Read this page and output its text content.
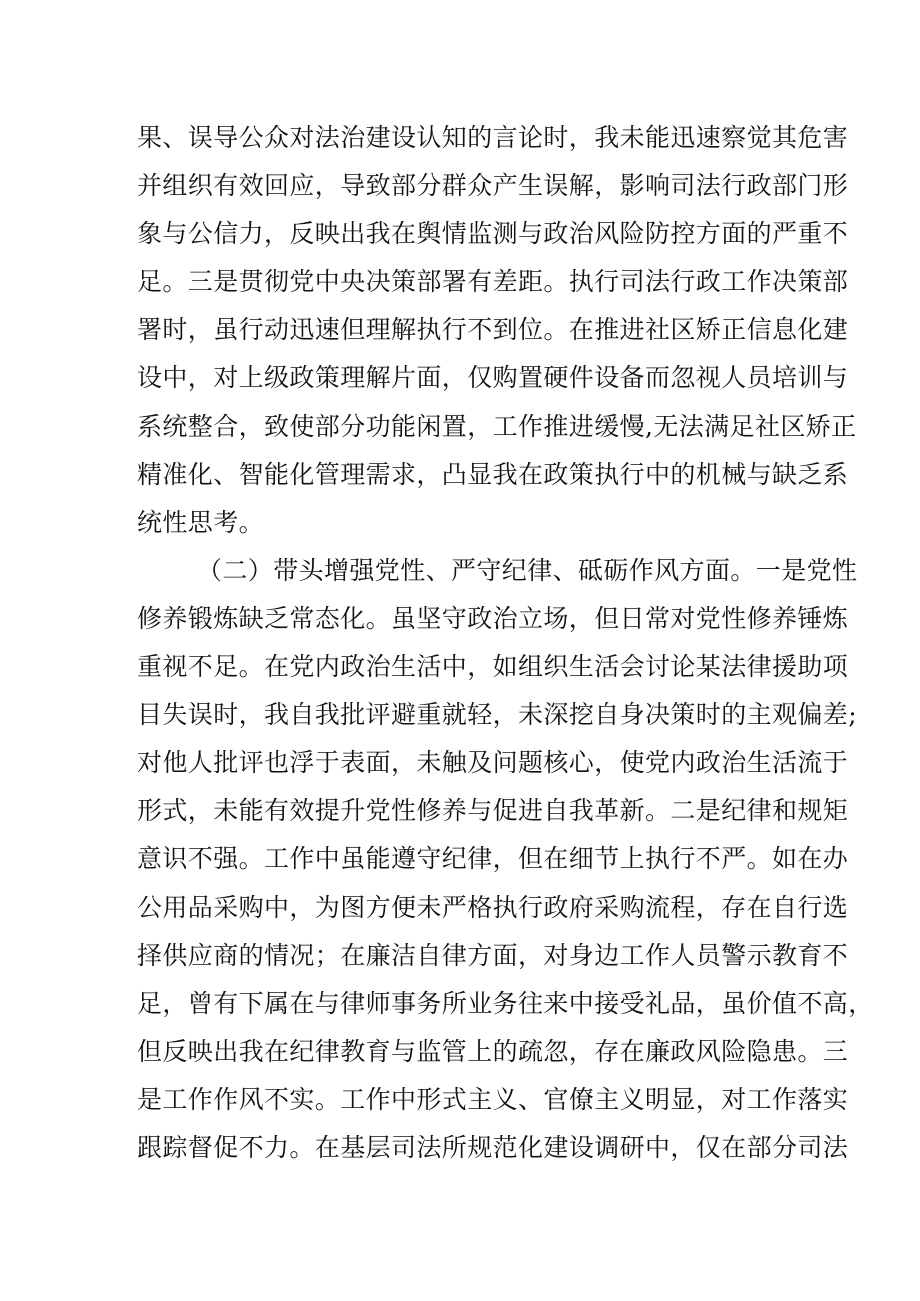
果、误导公众对法治建设认知的言论时，我未能迅速察觉其危害
并组织有效回应，导致部分群众产生误解，影响司法行政部门形
象与公信力，反映出我在舆情监测与政治风险防控方面的严重不
足。三是贯彻党中央决策部署有差距。执行司法行政工作决策部
署时，虽行动迅速但理解执行不到位。在推进社区矫正信息化建
设中，对上级政策理解片面，仅购置硬件设备而忽视人员培训与
系统整合，致使部分功能闲置，工作推进缓慢,无法满足社区矫正
精准化、智能化管理需求，凸显我在政策执行中的机械与缺乏系
统性思考。
（二）带头增强党性、严守纪律、砥砺作风方面。一是党性
修养锻炼缺乏常态化。虽坚守政治立场，但日常对党性修养锤炼
重视不足。在党内政治生活中，如组织生活会讨论某法律援助项
目失误时，我自我批评避重就轻，未深挖自身决策时的主观偏差;
对他人批评也浮于表面，未触及问题核心，使党内政治生活流于
形式，未能有效提升党性修养与促进自我革新。二是纪律和规矩
意识不强。工作中虽能遵守纪律，但在细节上执行不严。如在办
公用品采购中，为图方便未严格执行政府采购流程，存在自行选
择供应商的情况；在廉洁自律方面，对身边工作人员警示教育不
足，曾有下属在与律师事务所业务往来中接受礼品，虽价值不高，
但反映出我在纪律教育与监管上的疏忽，存在廉政风险隐患。三
是工作作风不实。工作中形式主义、官僚主义明显，对工作落实
跟踪督促不力。在基层司法所规范化建设调研中，仅在部分司法
